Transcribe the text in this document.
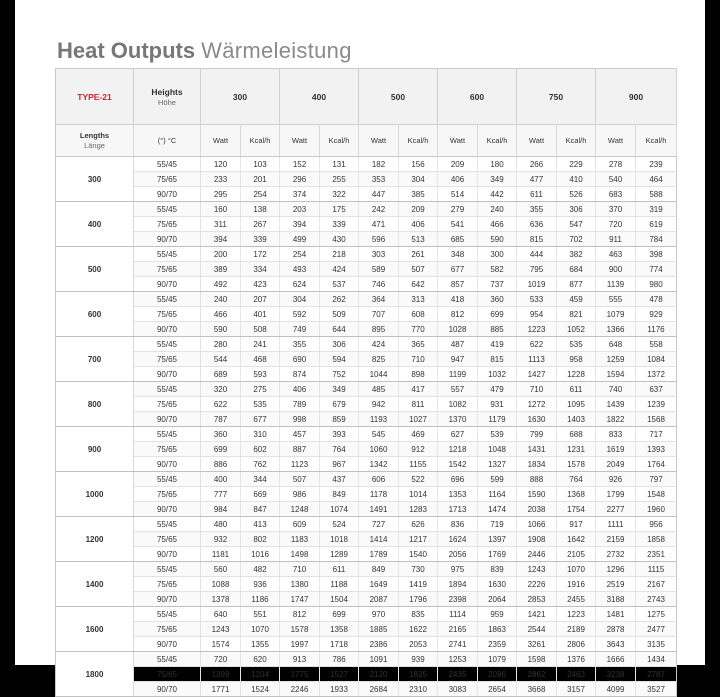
Heat Outputs Wärmeleistung
TYPE-21	Heights
Höhe	300		400		500		600		750		900	
Lengths
Länge	(°) °C	Watt	Kcal/h	Watt	Kcal/h	Watt	Kcal/h	Watt	Kcal/h	Watt	Kcal/h	Watt	Kcal/h
300	55/45	120	103	152	131	182	156	209	180	266	229	278	239
	75/65	233	201	296	255	353	304	406	349	477	410	540	464
	90/70	295	254	374	322	447	385	514	442	611	526	683	588
400	55/45	160	138	203	175	242	209	279	240	355	306	370	319
	75/65	311	267	394	339	471	406	541	466	636	547	720	619
	90/70	394	339	499	430	596	513	685	590	815	702	911	784
500	55/45	200	172	254	218	303	261	348	300	444	382	463	398
	75/65	389	334	493	424	589	507	677	582	795	684	900	774
	90/70	492	423	624	537	746	642	857	737	1019	877	1139	980
600	55/45	240	207	304	262	364	313	418	360	533	459	555	478
	75/65	466	401	592	509	707	608	812	699	954	821	1079	929
	90/70	590	508	749	644	895	770	1028	885	1223	1052	1366	1176
700	55/45	280	241	355	306	424	365	487	419	622	535	648	558
	75/65	544	468	690	594	825	710	947	815	1113	958	1259	1084
	90/70	689	593	874	752	1044	898	1199	1032	1427	1228	1594	1372
800	55/45	320	275	406	349	485	417	557	479	710	611	740	637
	75/65	622	535	789	679	942	811	1082	931	1272	1095	1439	1239
	90/70	787	677	998	859	1193	1027	1370	1179	1630	1403	1822	1568
900	55/45	360	310	457	393	545	469	627	539	799	688	833	717
	75/65	699	602	887	764	1060	912	1218	1048	1431	1231	1619	1393
	90/70	886	762	1123	967	1342	1155	1542	1327	1834	1578	2049	1764
1000	55/45	400	344	507	437	606	522	696	599	888	764	926	797
	75/65	777	669	986	849	1178	1014	1353	1164	1590	1368	1799	1548
	90/70	984	847	1248	1074	1491	1283	1713	1474	2038	1754	2277	1960
1200	55/45	480	413	609	524	727	626	836	719	1066	917	1111	956
	75/65	932	802	1183	1018	1414	1217	1624	1397	1908	1642	2159	1858
	90/70	1181	1016	1498	1289	1789	1540	2056	1769	2446	2105	2732	2351
1400	55/45	560	482	710	611	849	730	975	839	1243	1070	1296	1115
	75/65	1088	936	1380	1188	1649	1419	1894	1630	2226	1916	2519	2167
	90/70	1378	1186	1747	1504	2087	1796	2398	2064	2853	2455	3188	2743
1600	55/45	640	551	812	699	970	835	1114	959	1421	1223	1481	1275
	75/65	1243	1070	1578	1358	1885	1622	2165	1863	2544	2189	2878	2477
	90/70	1574	1355	1997	1718	2386	2053	2741	2359	3261	2806	3643	3135
1800	55/45	720	620	913	786	1091	939	1253	1079	1598	1376	1666	1434
	75/65	1399	1204	1775	1527	2120	1825	2435	2096	2862	2463	3238	2787
	90/70	1771	1524	2246	1933	2684	2310	3083	2654	3668	3157	4099	3527
